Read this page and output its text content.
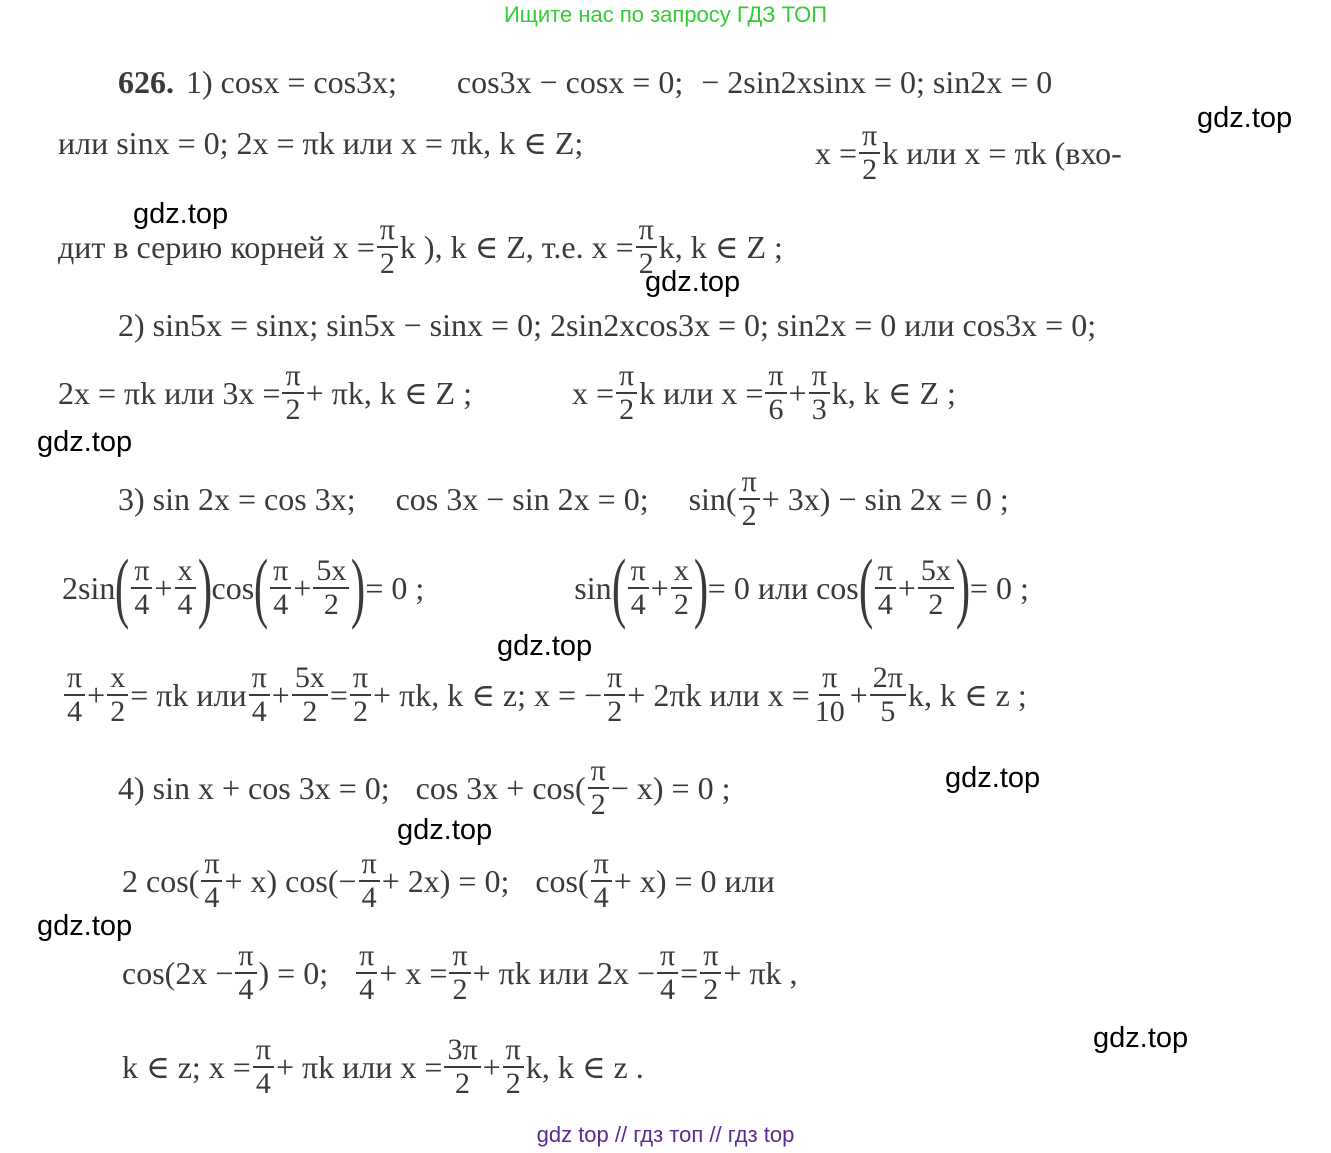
Ищите нас по запросу ГДЗ ТОП
626. 1) cosx = cos3x; cos3x − cosx = 0; − 2sin2xsinx = 0; sin2x = 0
или sinx = 0; 2x = πk или x = πk, k ∈ Z;	$x = \frac{\pi}{2}$ k или x = πk (вхо-
дит в серию корней $x = \frac{\pi}{2}$ k ), k ∈ Z, т.е. $x = \frac{\pi}{2} k$, k ∈ Z ;
2) sin5x = sinx; sin5x − sinx = 0; 2sin2xcos3x = 0; sin2x = 0 или cos3x = 0;
2x = πk или $3x = \frac{\pi}{2} + \pi k$, k ∈ Z ;	$x = \frac{\pi}{2}$ k или $x = \frac{\pi}{6} + \frac{\pi}{3} k$, k ∈ Z ;
3) sin 2x = cos 3x; cos 3x − sin 2x = 0; $\sin( \frac{\pi}{2} + 3x) - \sin 2x = 0$ ;
2sin ( $\frac{\pi}{4} + \frac{x}{4}$ ) cos ( $\frac{\pi}{4} + \frac{5x}{2}$ ) = 0 ;	sin ( $\frac{\pi}{4} + \frac{x}{2}$ ) = 0 или cos ( $\frac{\pi}{4} + \frac{5x}{2}$ ) = 0 ;
$\frac{\pi}{4} + \frac{x}{2} = \pi k$ или $\frac{\pi}{4} + \frac{5x}{2} = \frac{\pi}{2} + \pi k$, k ∈ z; x = − $\frac{\pi}{2} + 2\pi k$ или $x = \frac{\pi}{10} + \frac{2\pi}{5} k$, k ∈ z ;
4) sin x + cos 3x = 0; $\cos 3x + \cos( \frac{\pi}{2} - x) = 0$ ;
2 $\cos( \frac{\pi}{4} + x)$ $\cos(- \frac{\pi}{4} + 2x) = 0$; $\cos( \frac{\pi}{4} + x) = 0$ или
$\cos(2x - \frac{\pi}{4}$ ) = 0; $\frac{\pi}{4} + x = \frac{\pi}{2} + \pi k$ или $2x - \frac{\pi}{4} = \frac{\pi}{2} + \pi k$ ,
k ∈ z; $x = \frac{\pi}{4} + \pi k$ или $x = \frac{3\pi}{2} + \frac{\pi}{2} k$, k ∈ z .
gdz.top
gdz.top
gdz.top
gdz.top
gdz.top
gdz.top
gdz.top
gdz.top
gdz.top
gdz top // гдз топ // гдз top
